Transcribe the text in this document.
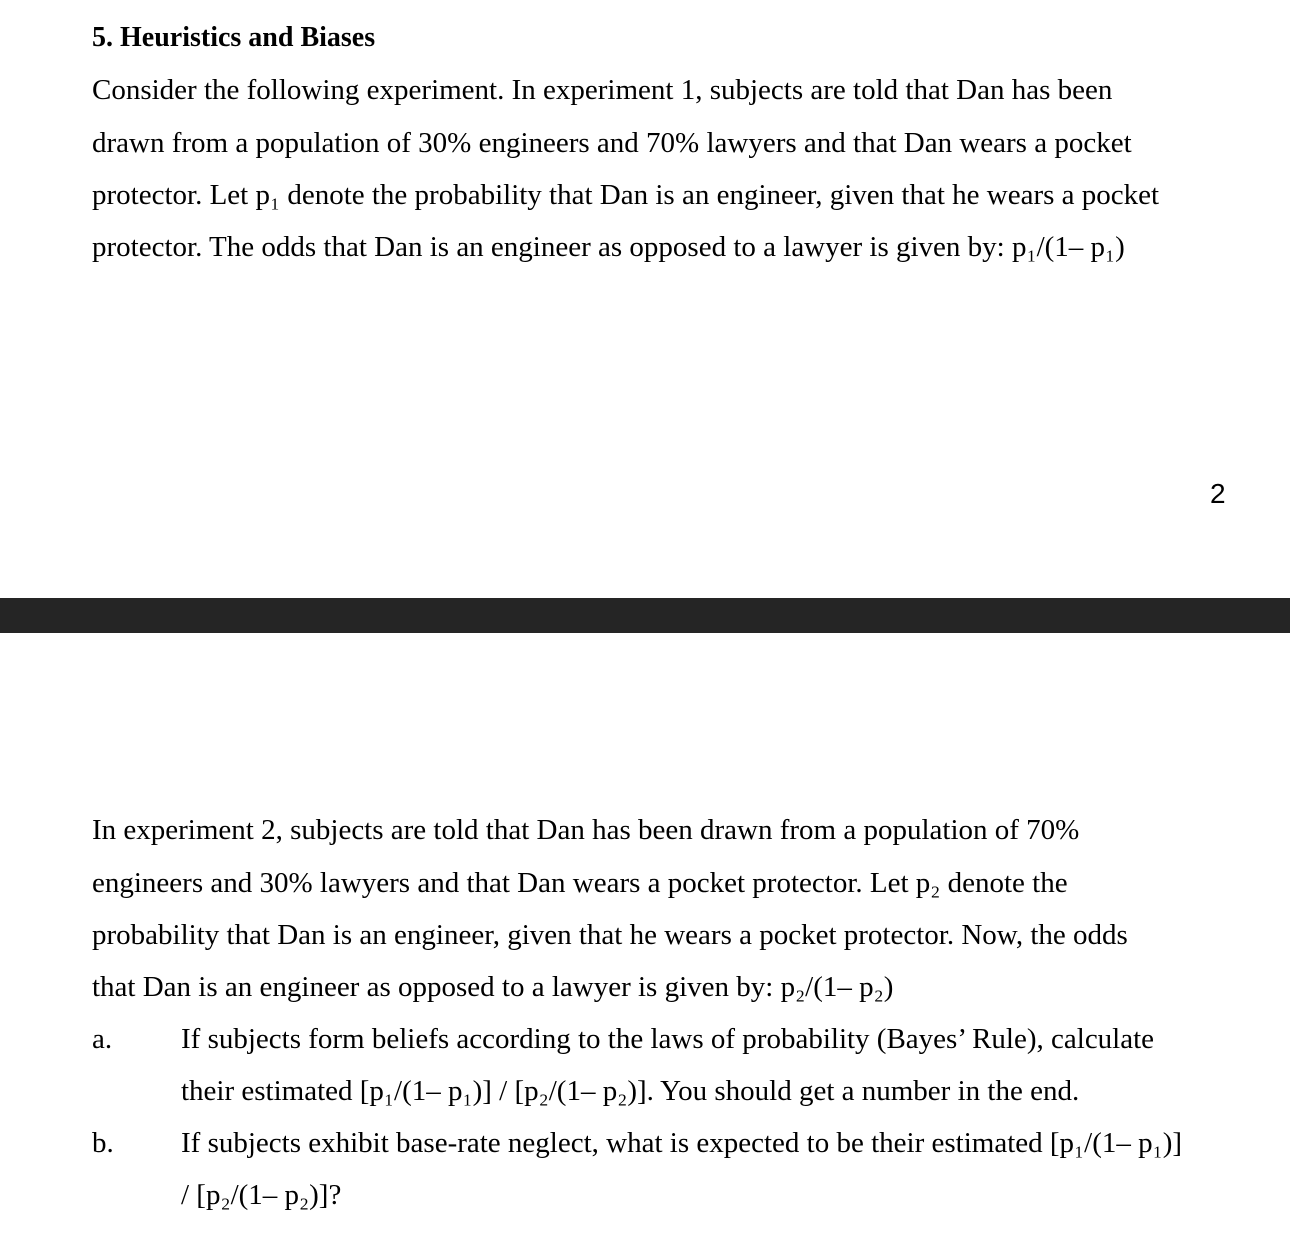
5. Heuristics and Biases
Consider the following experiment. In experiment 1, subjects are told that Dan has been
drawn from a population of 30% engineers and 70% lawyers and that Dan wears a pocket
protector. Let p₁ denote the probability that Dan is an engineer, given that he wears a pocket
protector. The odds that Dan is an engineer as opposed to a lawyer is given by: p₁/(1– p₁)
2
In experiment 2, subjects are told that Dan has been drawn from a population of 70%
engineers and 30% lawyers and that Dan wears a pocket protector. Let p₂ denote the
probability that Dan is an engineer, given that he wears a pocket protector. Now, the odds
that Dan is an engineer as opposed to a lawyer is given by: p₂/(1– p₂)
a. If subjects form beliefs according to the laws of probability (Bayes’ Rule), calculate
their estimated [p₁/(1– p₁)] / [p₂/(1– p₂)]. You should get a number in the end.
b. If subjects exhibit base-rate neglect, what is expected to be their estimated [p₁/(1– p₁)]
/ [p₂/(1– p₂)]?
